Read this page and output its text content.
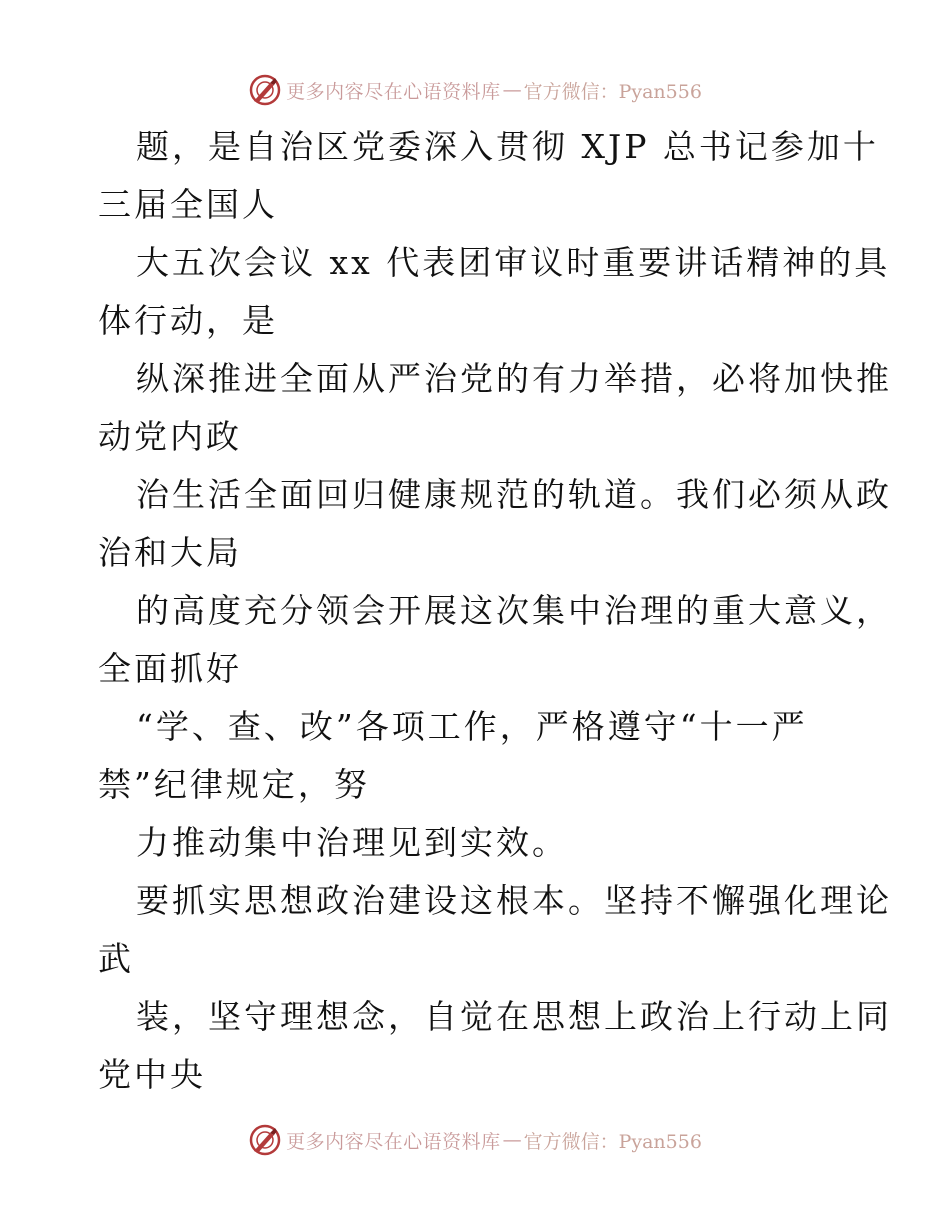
更多内容尽在心语资料库 — 官方微信：Pyan556
题，是自治区党委深入贯彻 XJP 总书记参加十
三届全国人
大五次会议 xx 代表团审议时重要讲话精神的具
体行动，是
纵深推进全面从严治党的有力举措，必将加快推
动党内政
治生活全面回归健康规范的轨道。我们必须从政
治和大局
的高度充分领会开展这次集中治理的重大意义，
全面抓好
“学、查、改”各项工作，严格遵守“十一严
禁”纪律规定，努
力推动集中治理见到实效。
要抓实思想政治建设这根本。坚持不懈强化理论
武
装，坚守理想念，自觉在思想上政治上行动上同
党中央
更多内容尽在心语资料库 — 官方微信：Pyan556
